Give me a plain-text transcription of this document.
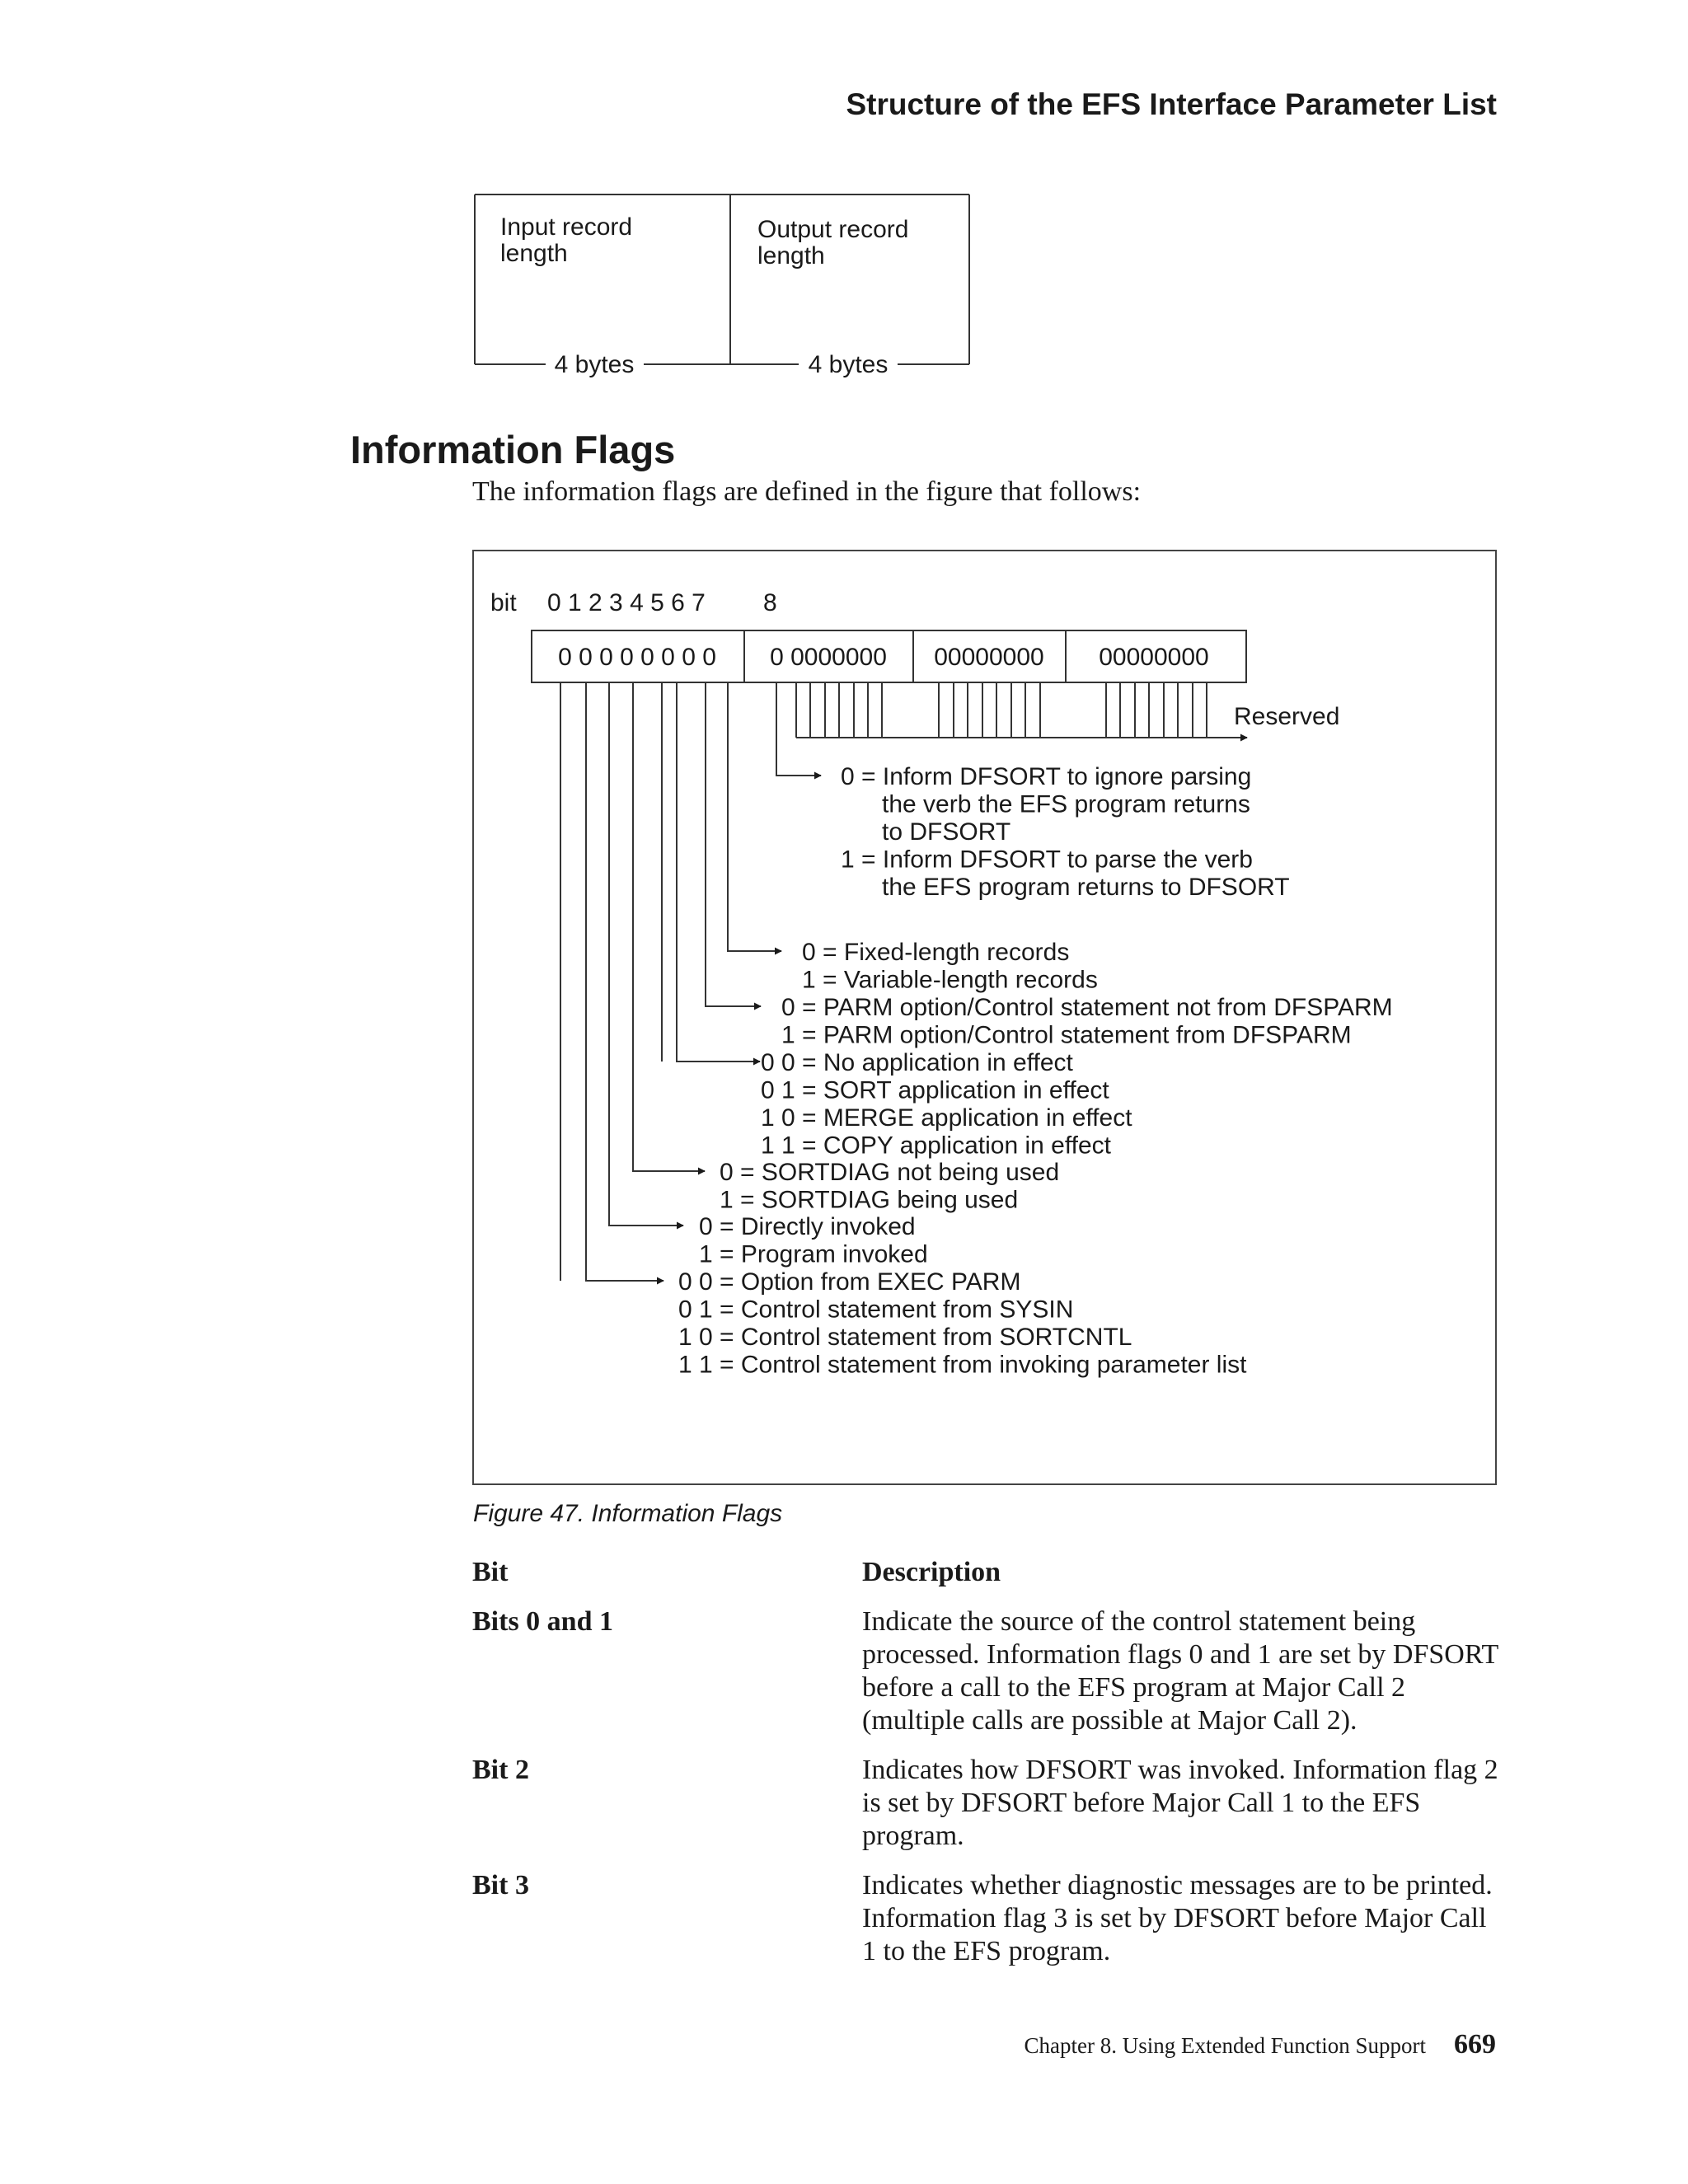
Structure of the EFS Interface Parameter List
Input record length
Output record length
4 bytes	4 bytes
Information Flags
The information flags are defined in the figure that follows:
bit 0 1 2 3 4 5 6 7 8
0 0 0 0 0 0 0 0 0 0000000 00000000 00000000
Reserved
0 = Inform DFSORT to ignore parsing the verb the EFS program returns to DFSORT 1 = Inform DFSORT to parse the verb the EFS program returns to DFSORT
0 = Fixed-length records 1 = Variable-length records
0 = PARM option/Control statement not from DFSPARM 1 = PARM option/Control statement from DFSPARM
0 0 = No application in effect 0 1 = SORT application in effect 1 0 = MERGE application in effect 1 1 = COPY application in effect
0 = SORTDIAG not being used 1 = SORTDIAG being used
0 = Directly invoked 1 = Program invoked
0 0 = Option from EXEC PARM 0 1 = Control statement from SYSIN 1 0 = Control statement from SORTCNTL 1 1 = Control statement from invoking parameter list
Figure 47. Information Flags
Bit	Description
Bits 0 and 1	Indicate the source of the control statement being processed. Information flags 0 and 1 are set by DFSORT before a call to the EFS program at Major Call 2 (multiple calls are possible at Major Call 2).
Bit 2	Indicates how DFSORT was invoked. Information flag 2 is set by DFSORT before Major Call 1 to the EFS program.
Bit 3	Indicates whether diagnostic messages are to be printed. Information flag 3 is set by DFSORT before Major Call 1 to the EFS program.
Chapter 8. Using Extended Function Support 669
